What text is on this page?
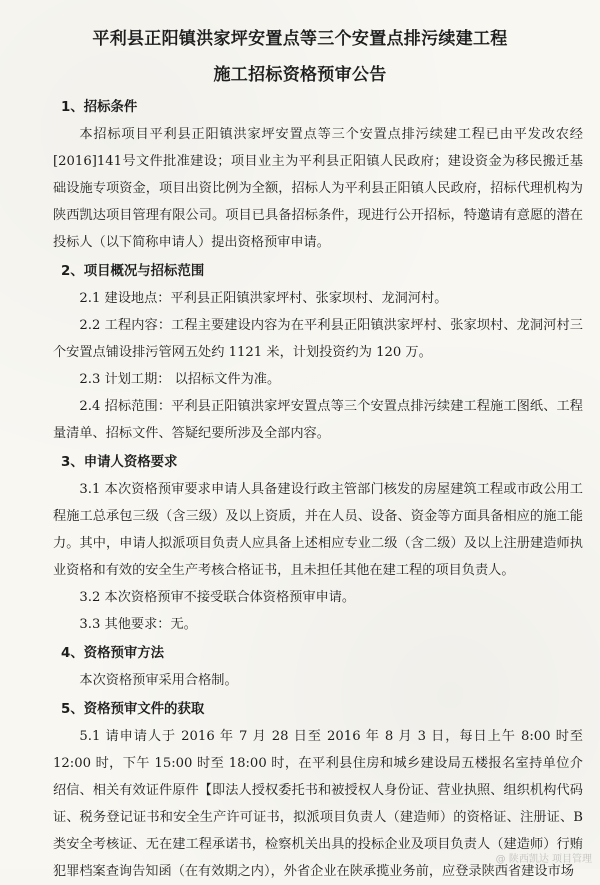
平利县正阳镇洪家坪安置点等三个安置点排污续建工程
施工招标资格预审公告
1、招标条件
本招标项目平利县正阳镇洪家坪安置点等三个安置点排污续建工程已由平发改农经[2016]141号文件批准建设；项目业主为平利县正阳镇人民政府；建设资金为移民搬迁基础设施专项资金，项目出资比例为全额，招标人为平利县正阳镇人民政府，招标代理机构为陕西凯达项目管理有限公司。项目已具备招标条件，现进行公开招标，特邀请有意愿的潜在投标人（以下简称申请人）提出资格预审申请。
2、项目概况与招标范围
2.1 建设地点：平利县正阳镇洪家坪村、张家坝村、龙洞河村。
2.2 工程内容：工程主要建设内容为在平利县正阳镇洪家坪村、张家坝村、龙洞河村三个安置点铺设排污管网五处约 1121 米，计划投资约为 120 万。
2.3 计划工期： 以招标文件为准。
2.4 招标范围：平利县正阳镇洪家坪安置点等三个安置点排污续建工程施工图纸、工程量清单、招标文件、答疑纪要所涉及全部内容。
3、申请人资格要求
3.1 本次资格预审要求申请人具备建设行政主管部门核发的房屋建筑工程或市政公用工程施工总承包三级（含三级）及以上资质，并在人员、设备、资金等方面具备相应的施工能力。其中，申请人拟派项目负责人应具备上述相应专业二级（含二级）及以上注册建造师执业资格和有效的安全生产考核合格证书，且未担任其他在建工程的项目负责人。
3.2 本次资格预审不接受联合体资格预审申请。
3.3 其他要求：无。
4、资格预审方法
本次资格预审采用合格制。
5、资格预审文件的获取
5.1 请申请人于 2016 年 7 月 28 日至 2016 年 8 月 3 日，每日上午 8:00 时至 12:00 时，下午 15:00 时至 18:00 时，在平利县住房和城乡建设局五楼报名室持单位介绍信、相关有效证件原件【即法人授权委托书和被授权人身份证、营业执照、组织机构代码证、税务登记证书和安全生产许可证书，拟派项目负责人（建造师）的资格证、注册证、B类安全考核证、无在建工程承诺书，检察机关出具的投标企业及项目负责人（建造师）行贿犯罪档案查询告知函（在有效期之内），外省企业在陕承揽业务前，应登录陕西省建设市场
@ 陕西凯达 项目管理
